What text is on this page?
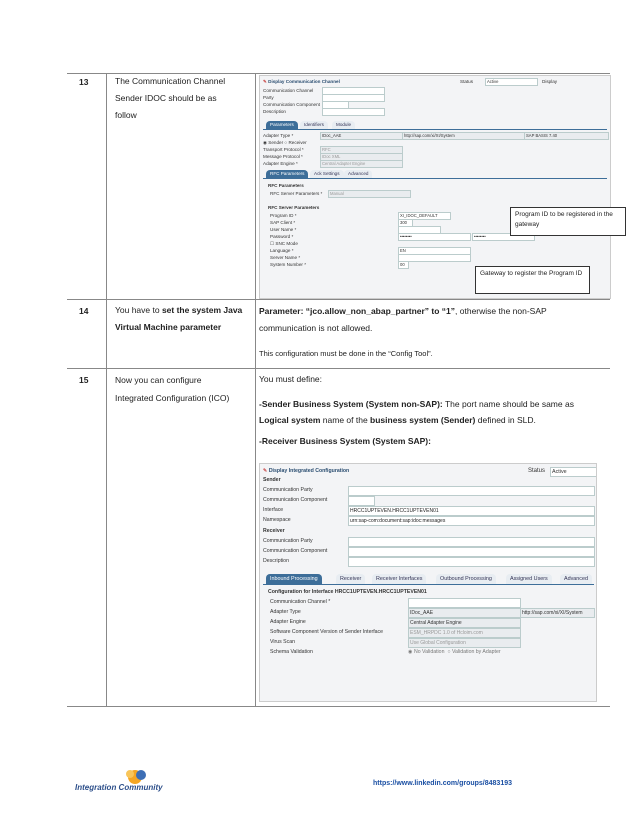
13	The Communication Channel
Sender IDOC should be as
follow
✎ Display Communication Channel	Status	Active	Display
Communication Channel
Party
Communication Component
Description
Parameters	Identifiers	Module
Adapter Type *	IDoc_AAE	http://sap.com/xi/XI/System	SAP BASIS 7.40
◉ Sender ○ Receiver
Transport Protocol *	RFC
Message Protocol *	IDoc XML
Adapter Engine *	Central Adapter Engine
RFC Parameters	Ack Settings	Advanced
RFC Parameters
RFC Server Parameters *	Manual
RFC Server Parameters
Program ID *	XI_IDOC_DEFAULT
SAP Client *	300
User Name *
Password *	••••••••	••••••••
☐ SNC Mode
Language *	EN
Server Name *
System Number *	00
Program ID to be registered in the gateway
Gateway to register the Program ID
14	You have to set the system Java Virtual Machine parameter
Parameter: “jco.allow_non_abap_partner” to “1”, otherwise the non-SAP communication is not allowed.
This configuration must be done in the “Config Tool”.
15	Now you can configure
Integrated Configuration (ICO)
You must define:
-Sender Business System (System non-SAP): The port name should be same as Logical system name of the business system (Sender) defined in SLD.
-Receiver Business System (System SAP):
✎ Display Integrated Configuration	Status	Active
Sender
Communication Party
Communication Component
Interface	HRCC1UPTEVEN.HRCC1UPTEVEN01
Namespace	urn:sap-com:document:sap:idoc:messages
Receiver
Communication Party
Communication Component
Description
Inbound Processing	Receiver	Receiver Interfaces	Outbound Processing	Assigned Users	Advanced
Configuration for Interface HRCC1UPTEVEN.HRCC1UPTEVEN01
Communication Channel *
Adapter Type	IDoc_AAE	http://sap.com/xi/XI/System
Adapter Engine	Central Adapter Engine
Software Component Version of Sender Interface	ESM_HRPDC 1.0 of Hcloim.com
Virus Scan	Use Global Configuration
Schema Validation	◉ No Validation ○ Validation by Adapter
Integration Community	https://www.linkedin.com/groups/8483193
